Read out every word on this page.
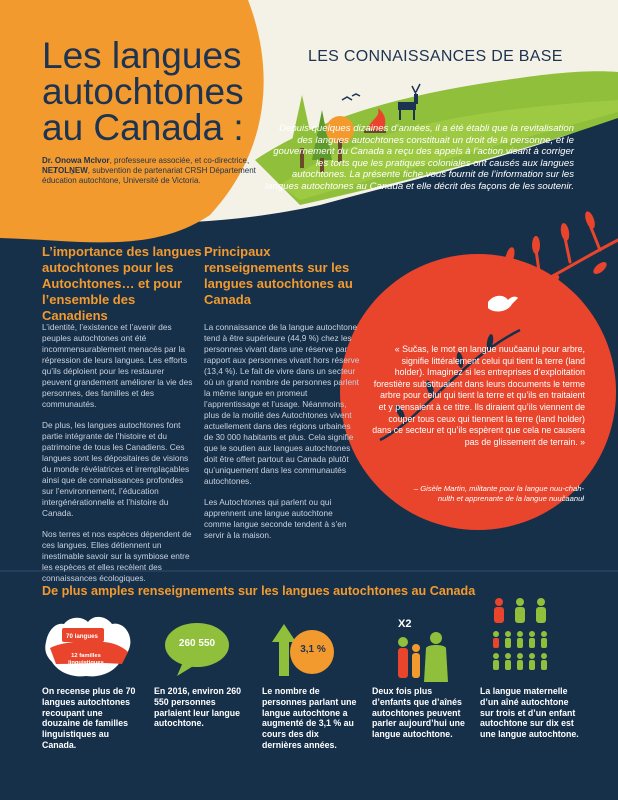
Les langues autochtones au Canada :
Dr. Onowa McIvor, professeure associée, et co-directrice, NEȾOLṈEW, subvention de partenariat CRSH Département éducation autochtone, Université de Victoria.
LES CONNAISSANCES DE BASE
Depuis quelques dizaines d’années, il a été établi que la revitalisation des langues autochtones constituait un droit de la personne, et le gouvernement du Canada a reçu des appels à l’action visant à corriger les torts que les pratiques coloniales ont causés aux langues autochtones. La présente fiche vous fournit de l’information sur les langues autochtones au Canada et elle décrit des façons de les soutenir.
L’importance des langues autochtones pour les Autochtones… et pour l’ensemble des Canadiens

L’identité, l’existence et l’avenir des peuples autochtones ont été incommensurablement menacés par la répression de leurs langues. Les efforts qu’ils déploient pour les restaurer peuvent grandement améliorer la vie des personnes, des familles et des communautés.

De plus, les langues autochtones font partie intégrante de l’histoire et du patrimoine de tous les Canadiens. Ces langues sont les dépositaires de visions du monde révélatrices et irremplaçables ainsi que de connaissances profondes sur l’environnement, l’éducation intergénérationnelle et l’histoire du Canada.

Nos terres et nos espèces dépendent de ces langues. Elles détiennent un inestimable savoir sur la symbiose entre les espèces et elles recèlent des connaissances écologiques.

Principaux renseignements sur les langues autochtones au Canada

La connaissance de la langue autochtone tend à être supérieure (44,9 %) chez les personnes vivant dans une réserve par rapport aux personnes vivant hors réserve (13,4 %). Le fait de vivre dans un secteur où un grand nombre de personnes parlent la même langue en promeut l’apprentissage et l’usage. Néanmoins, plus de la moitié des Autochtones vivent actuellement dans des régions urbaines de 30 000 habitants et plus. Cela signifie que le soutien aux langues autochtones doit être offert partout au Canada plutôt qu’uniquement dans les communautés autochtones.

Les Autochtones qui parlent ou qui apprennent une langue autochtone comme langue seconde tendent à s’en servir à la maison.

« Sučas, le mot en langue nuučaanuł pour arbre, signifie littéralement celui qui tient la terre (land holder). Imaginez si les entreprises d’exploitation forestière substituaient dans leurs documents le terme arbre pour celui qui tient la terre et qu’ils en traitaient et y pensaient à ce titre. Ils diraient qu’ils viennent de couper tous ceux qui tiennent la terre (land holder) dans ce secteur et qu’ils espèrent que cela ne causera pas de glissement de terrain. »
– Gisèle Martin, militante pour la langue nuu-chah-nulth et apprenante de la langue nuučaanuł
De plus amples renseignements sur les langues autochtones au Canada
70 langues
12 familles linguistiques
260 550
3,1 %
X2
On recense plus de 70 langues autochtones recoupant une douzaine de familles linguistiques au Canada.
En 2016, environ 260 550 personnes parlaient leur langue autochtone.
Le nombre de personnes parlant une langue autochtone a augmenté de 3,1 % au cours des dix dernières années.
Deux fois plus d’enfants que d’aînés autochtones peuvent parler aujourd’hui une langue autochtone.
La langue maternelle d’un aîné autochtone sur trois et d’un enfant autochtone sur dix est une langue autochtone.
